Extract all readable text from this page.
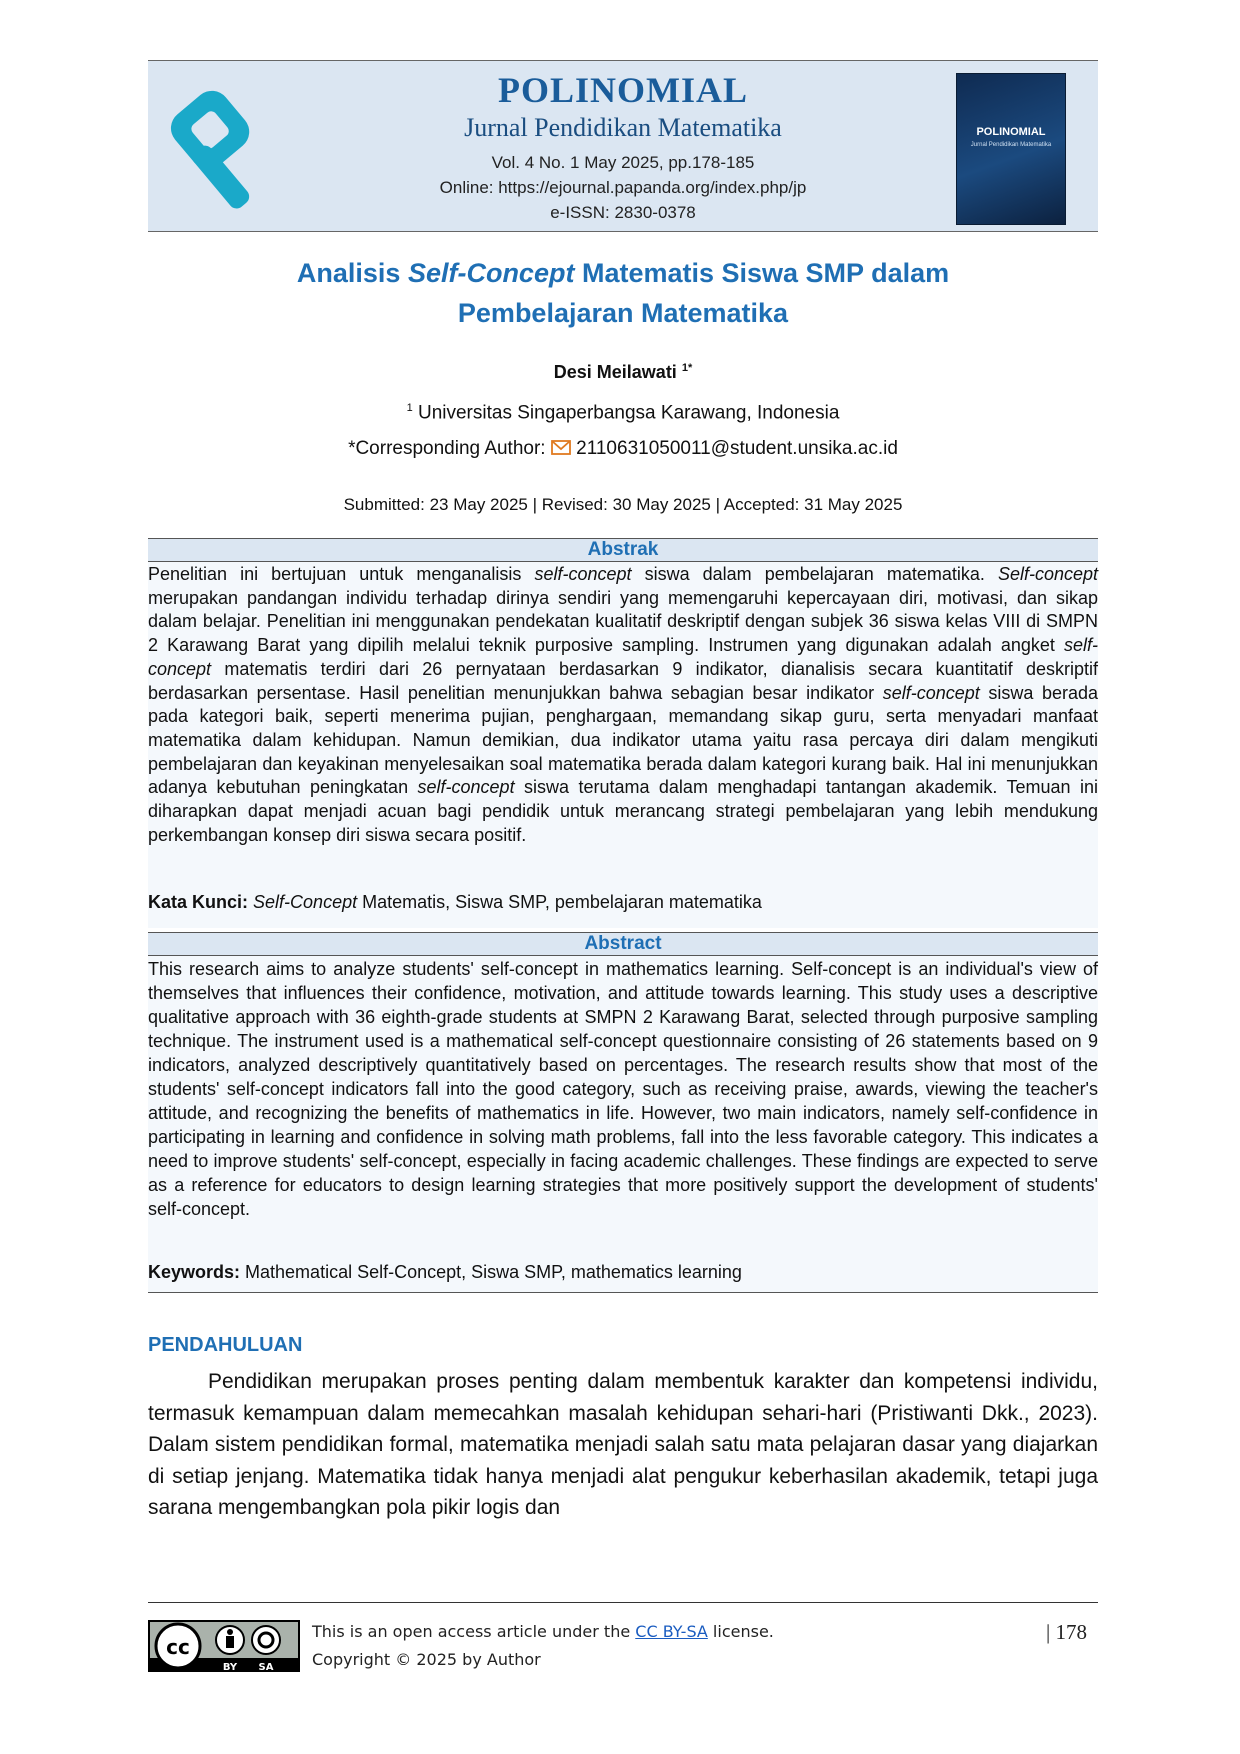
POLINOMIAL
Jurnal Pendidikan Matematika
Vol. 4 No. 1 May 2025, pp.178-185
Online: https://ejournal.papanda.org/index.php/jp
e-ISSN: 2830-0378
POLINOMIAL
Jurnal Pendidikan Matematika
Analisis Self-Concept Matematis Siswa SMP dalam
Pembelajaran Matematika
Desi Meilawati $^{1*}$
$^1$ Universitas Singaperbangsa Karawang, Indonesia
*Corresponding Author: 2110631050011@student.unsika.ac.id
Submitted: 23 May 2025 | Revised: 30 May 2025 | Accepted: 31 May 2025
Abstrak
Penelitian ini bertujuan untuk menganalisis self-concept siswa dalam pembelajaran matematika. Self-concept merupakan pandangan individu terhadap dirinya sendiri yang memengaruhi kepercayaan diri, motivasi, dan sikap dalam belajar. Penelitian ini menggunakan pendekatan kualitatif deskriptif dengan subjek 36 siswa kelas VIII di SMPN 2 Karawang Barat yang dipilih melalui teknik purposive sampling. Instrumen yang digunakan adalah angket self-concept matematis terdiri dari 26 pernyataan berdasarkan 9 indikator, dianalisis secara kuantitatif deskriptif berdasarkan persentase. Hasil penelitian menunjukkan bahwa sebagian besar indikator self-concept siswa berada pada kategori baik, seperti menerima pujian, penghargaan, memandang sikap guru, serta menyadari manfaat matematika dalam kehidupan. Namun demikian, dua indikator utama yaitu rasa percaya diri dalam mengikuti pembelajaran dan keyakinan menyelesaikan soal matematika berada dalam kategori kurang baik. Hal ini menunjukkan adanya kebutuhan peningkatan self-concept siswa terutama dalam menghadapi tantangan akademik. Temuan ini diharapkan dapat menjadi acuan bagi pendidik untuk merancang strategi pembelajaran yang lebih mendukung perkembangan konsep diri siswa secara positif.
Kata Kunci: Self-Concept Matematis, Siswa SMP, pembelajaran matematika
Abstract
This research aims to analyze students' self-concept in mathematics learning. Self-concept is an individual's view of themselves that influences their confidence, motivation, and attitude towards learning. This study uses a descriptive qualitative approach with 36 eighth-grade students at SMPN 2 Karawang Barat, selected through purposive sampling technique. The instrument used is a mathematical self-concept questionnaire consisting of 26 statements based on 9 indicators, analyzed descriptively quantitatively based on percentages. The research results show that most of the students' self-concept indicators fall into the good category, such as receiving praise, awards, viewing the teacher's attitude, and recognizing the benefits of mathematics in life. However, two main indicators, namely self-confidence in participating in learning and confidence in solving math problems, fall into the less favorable category. This indicates a need to improve students' self-concept, especially in facing academic challenges. These findings are expected to serve as a reference for educators to design learning strategies that more positively support the development of students' self-concept.
Keywords: Mathematical Self-Concept, Siswa SMP, mathematics learning
PENDAHULUAN
Pendidikan merupakan proses penting dalam membentuk karakter dan kompetensi individu, termasuk kemampuan dalam memecahkan masalah kehidupan sehari-hari (Pristiwanti Dkk., 2023). Dalam sistem pendidikan formal, matematika menjadi salah satu mata pelajaran dasar yang diajarkan di setiap jenjang. Matematika tidak hanya menjadi alat pengukur keberhasilan akademik, tetapi juga sarana mengembangkan pola pikir logis dan
cc
BY SA
This is an open access article under the CC BY-SA license.
Copyright © 2025 by Author
| 178
